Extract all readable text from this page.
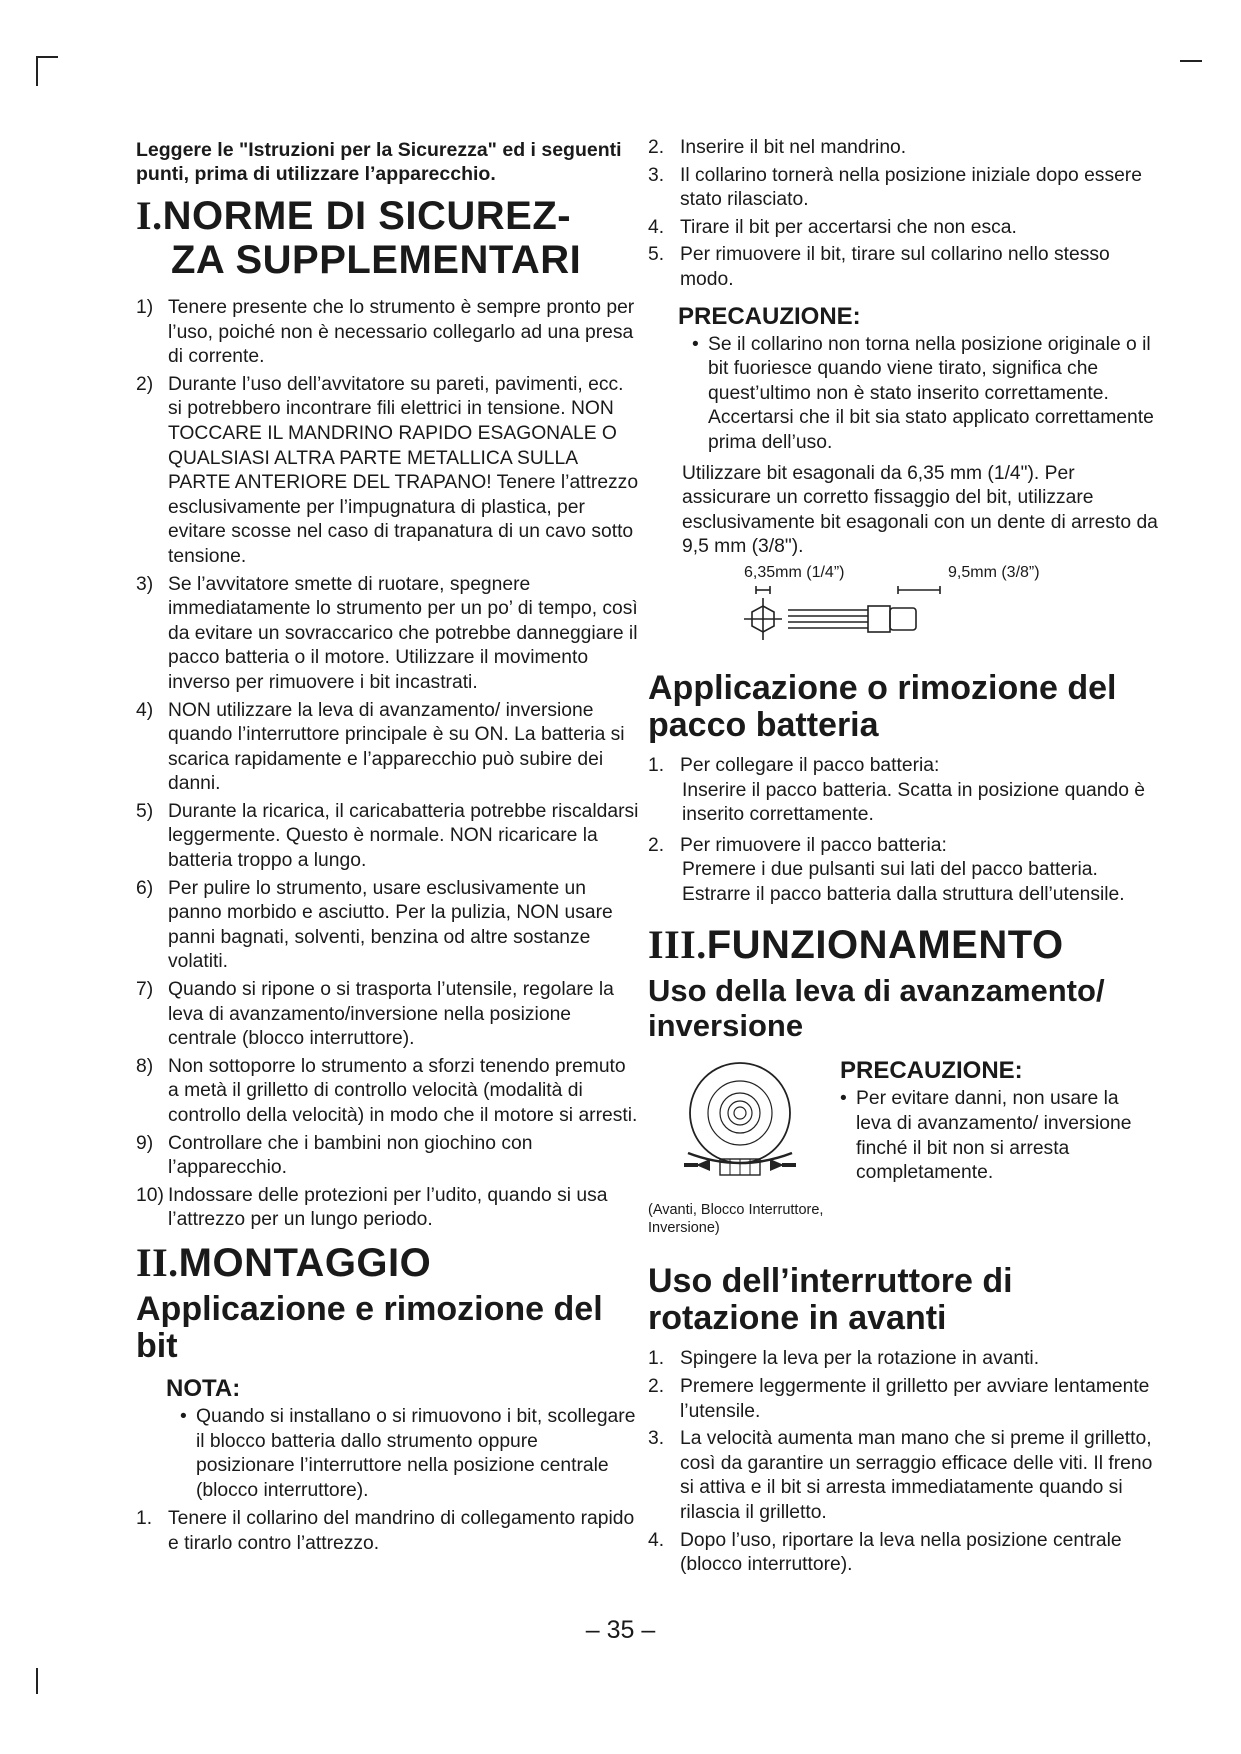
Leggere le "Istruzioni per la Sicurezza" ed i seguenti punti, prima di utilizzare l’apparecchio.

I.NORME DI SICUREZ-
ZA SUPPLEMENTARI
1) Tenere presente che lo strumento è sempre pronto per l’uso, poiché non è necessario collegarlo ad una presa di corrente.
2) Durante l’uso dell’avvitatore su pareti, pavimenti, ecc. si potrebbero incontrare fili elettrici in tensione. NON TOCCARE IL MANDRINO RAPIDO ESAGONALE O QUALSIASI ALTRA PARTE METALLICA SULLA PARTE ANTERIORE DEL TRAPANO! Tenere l’attrezzo esclusivamente per l’impugnatura di plastica, per evitare scosse nel caso di trapanatura di un cavo sotto tensione.
3) Se l’avvitatore smette di ruotare, spegnere immediatamente lo strumento per un po’ di tempo, così da evitare un sovraccarico che potrebbe danneggiare il pacco batteria o il motore. Utilizzare il movimento inverso per rimuovere i bit incastrati.
4) NON utilizzare la leva di avanzamento/ inversione quando l’interruttore principale è su ON. La batteria si scarica rapidamente e l’apparecchio può subire dei danni.
5) Durante la ricarica, il caricabatteria potrebbe riscaldarsi leggermente. Questo è normale. NON ricaricare la batteria troppo a lungo.
6) Per pulire lo strumento, usare esclusivamente un panno morbido e asciutto. Per la pulizia, NON usare panni bagnati, solventi, benzina od altre sostanze volatiti.
7) Quando si ripone o si trasporta l’utensile, regolare la leva di avanzamento/inversione nella posizione centrale (blocco interruttore).
8) Non sottoporre lo strumento a sforzi tenendo premuto a metà il grilletto di controllo velocità (modalità di controllo della velocità) in modo che il motore si arresti.
9) Controllare che i bambini non giochino con l’apparecchio.
10) Indossare delle protezioni per l’udito, quando si usa l’attrezzo per un lungo periodo.
II.MONTAGGIO
Applicazione e rimozione del bit
NOTA:
• Quando si installano o si rimuovono i bit, scollegare il blocco batteria dallo strumento oppure posizionare l’interruttore nella posizione centrale (blocco interruttore).
1. Tenere il collarino del mandrino di collegamento rapido e tirarlo contro l’attrezzo.
2. Inserire il bit nel mandrino.
3. Il collarino tornerà nella posizione iniziale dopo essere stato rilasciato.
4. Tirare il bit per accertarsi che non esca.
5. Per rimuovere il bit, tirare sul collarino nello stesso modo.
PRECAUZIONE:
• Se il collarino non torna nella posizione originale o il bit fuoriesce quando viene tirato, significa che quest’ultimo non è stato inserito correttamente. Accertarsi che il bit sia stato applicato correttamente prima dell’uso.

Utilizzare bit esagonali da 6,35 mm (1/4"). Per assicurare un corretto fissaggio del bit, utilizzare esclusivamente bit esagonali con un dente di arresto da 9,5 mm (3/8").

6,35mm (1/4”)	9,5mm (3/8”)
Applicazione o rimozione del pacco batteria
1. Per collegare il pacco batteria:

Inserire il pacco batteria. Scatta in posizione quando è inserito correttamente.
2. Per rimuovere il pacco batteria:

Premere i due pulsanti sui lati del pacco batteria. Estrarre il pacco batteria dalla struttura dell’utensile.
III.FUNZIONAMENTO
Uso della leva di avanzamento/ inversione
(Avanti, Blocco Interruttore, Inversione)
PRECAUZIONE:
• Per evitare danni, non usare la leva di avanzamento/ inversione finché il bit non si arresta completamente.
Uso dell’interruttore di rotazione in avanti
1. Spingere la leva per la rotazione in avanti.
2. Premere leggermente il grilletto per avviare lentamente l’utensile.
3. La velocità aumenta man mano che si preme il grilletto, così da garantire un serraggio efficace delle viti. Il freno si attiva e il bit si arresta immediatamente quando si rilascia il grilletto.
4. Dopo l’uso, riportare la leva nella posizione centrale (blocco interruttore).
– 35 –
